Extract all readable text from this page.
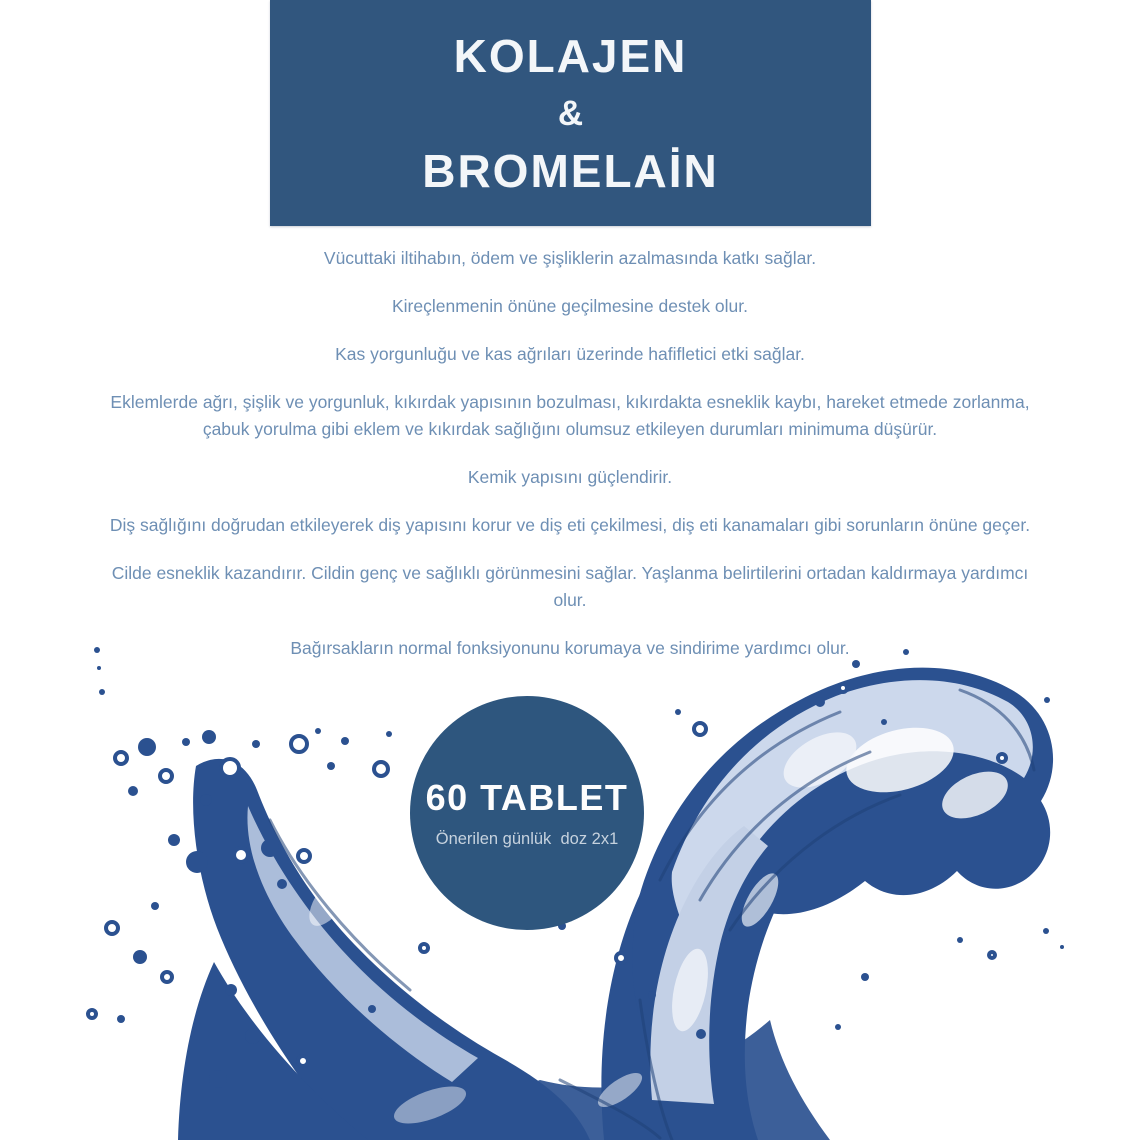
KOLAJEN
&
BROMELAİN

Vücuttaki iltihabın, ödem ve şişliklerin azalmasında katkı sağlar.

Kireçlenmenin önüne geçilmesine destek olur.

Kas yorgunluğu ve kas ağrıları üzerinde hafifletici etki sağlar.

Eklemlerde ağrı, şişlik ve yorgunluk, kıkırdak yapısının bozulması, kıkırdakta esneklik kaybı, hareket etmede zorlanma, çabuk yorulma gibi eklem ve kıkırdak sağlığını olumsuz etkileyen durumları minimuma düşürür.

Kemik yapısını güçlendirir.

Diş sağlığını doğrudan etkileyerek diş yapısını korur ve diş eti çekilmesi, diş eti kanamaları gibi sorunların önüne geçer.

Cilde esneklik kazandırır. Cildin genç ve sağlıklı görünmesini sağlar. Yaşlanma belirtilerini ortadan kaldırmaya yardımcı olur.

Bağırsakların normal fonksiyonunu korumaya ve sindirime yardımcı olur.

60 TABLET
Önerilen günlük  doz 2x1
